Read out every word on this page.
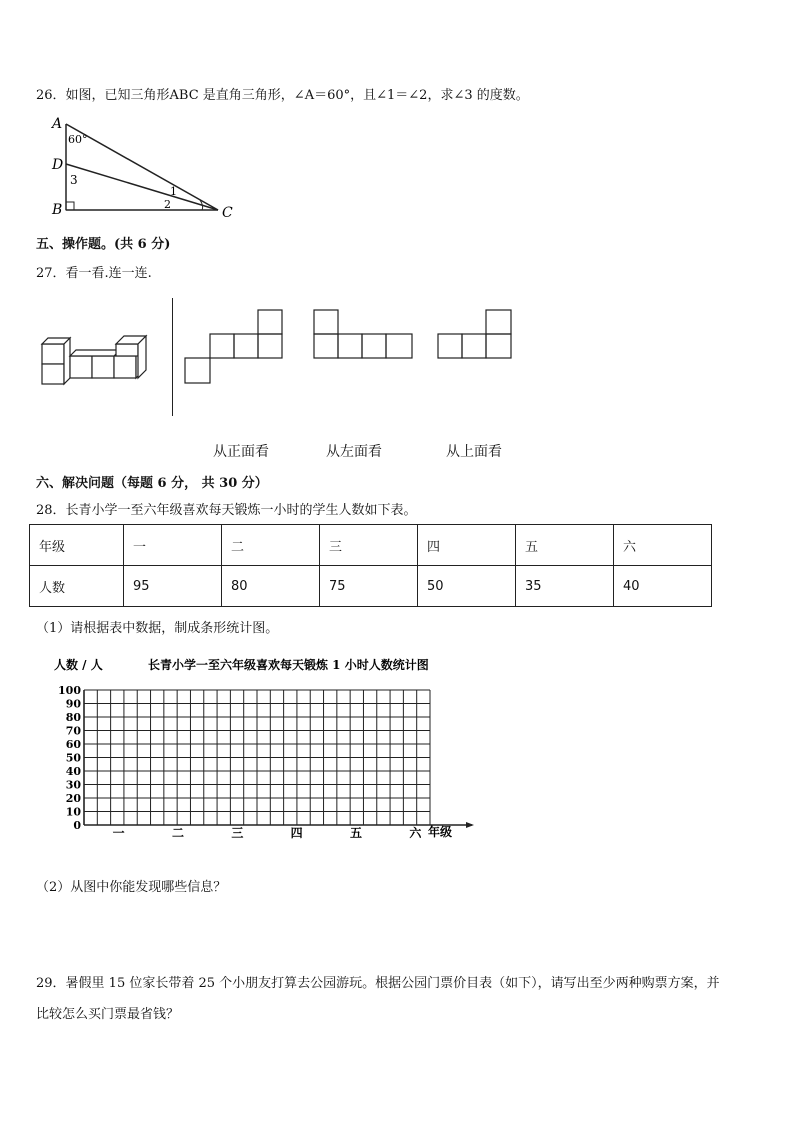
26．如图，已知三角形ABC 是直角三角形，∠A＝60°，且∠1＝∠2，求∠3 的度数。
A
60°
D
3
B
1
2
C
五、操作题。(共 6 分)
27．看一看.连一连.
从正面看	从左面看	从上面看
六、解决问题（每题 6 分， 共 30 分）
28．长青小学一至六年级喜欢每天锻炼一小时的学生人数如下表。
年级	一	二	三	四	五	六
人数	95	80	75	50	35	40
（1）请根据表中数据，制成条形统计图。
人数 / 人	长青小学一至六年级喜欢每天锻炼 1 小时人数统计图
0
10
20
30
40
50
60
70
80
90
100
一	二	三	四	五	六 年级
（2）从图中你能发现哪些信息？
29．暑假里 15 位家长带着 25 个小朋友打算去公园游玩。根据公园门票价目表（如下），请写出至少两种购票方案，并
比较怎么买门票最省钱？
